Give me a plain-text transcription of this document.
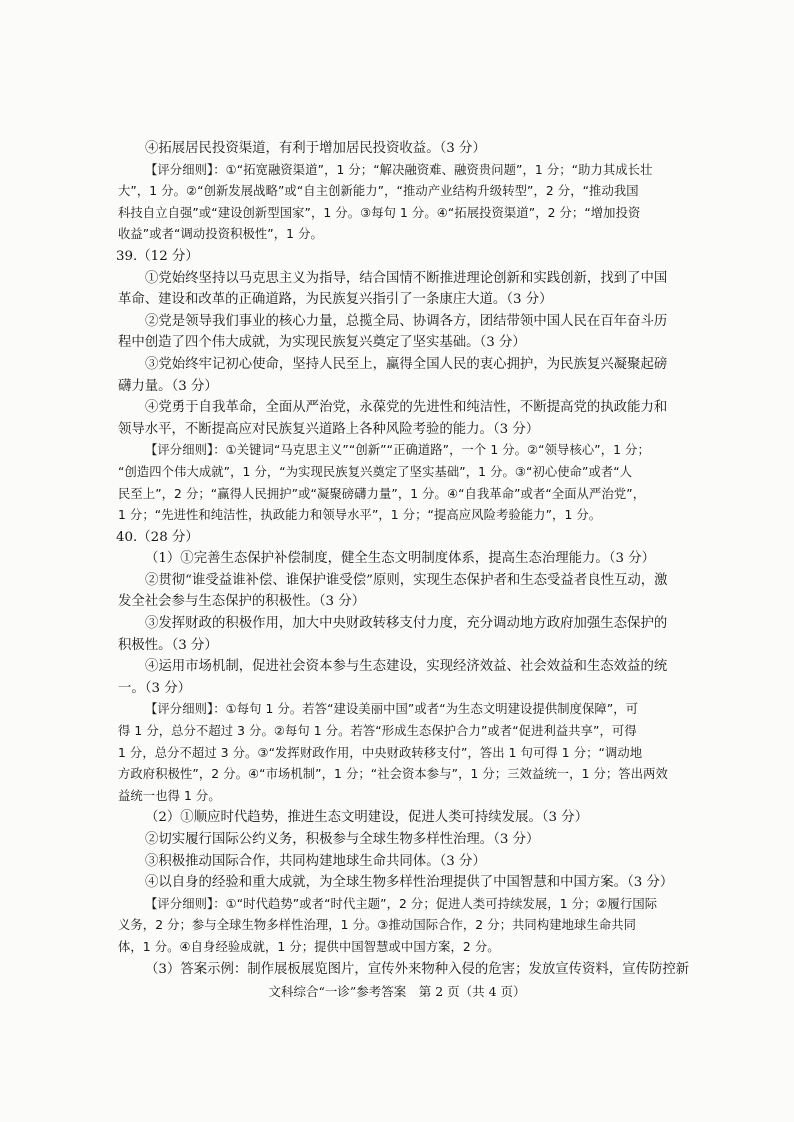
④拓展居民投资渠道，有利于增加居民投资收益。（3 分）

【评分细则】：①“拓宽融资渠道”，1 分；“解决融资难、融资贵问题”，1 分；“助力其成长壮

大”，1 分。②“创新发展战略”或“自主创新能力”，“推动产业结构升级转型”，2 分，“推动我国

科技自立自强”或“建设创新型国家”，1 分。③每句 1 分。④“拓展投资渠道”，2 分；“增加投资

收益”或者“调动投资积极性”，1 分。

39.（12 分）

①党始终坚持以马克思主义为指导，结合国情不断推进理论创新和实践创新，找到了中国

革命、建设和改革的正确道路，为民族复兴指引了一条康庄大道。（3 分）

②党是领导我们事业的核心力量，总揽全局、协调各方，团结带领中国人民在百年奋斗历

程中创造了四个伟大成就，为实现民族复兴奠定了坚实基础。（3 分）

③党始终牢记初心使命，坚持人民至上，赢得全国人民的衷心拥护，为民族复兴凝聚起磅

礴力量。（3 分）

④党勇于自我革命，全面从严治党，永葆党的先进性和纯洁性，不断提高党的执政能力和

领导水平，不断提高应对民族复兴道路上各种风险考验的能力。（3 分）

【评分细则】：①关键词“马克思主义”“创新”“正确道路”，一个 1 分。②“领导核心”，1 分；

“创造四个伟大成就”，1 分，“为实现民族复兴奠定了坚实基础”，1 分。③“初心使命”或者“人

民至上”，2 分；“赢得人民拥护”或“凝聚磅礴力量”，1 分。④“自我革命”或者“全面从严治党”，

1 分；“先进性和纯洁性，执政能力和领导水平”，1 分；“提高应风险考验能力”，1 分。

40.（28 分）

（1）①完善生态保护补偿制度，健全生态文明制度体系，提高生态治理能力。（3 分）

②贯彻“谁受益谁补偿、谁保护谁受偿”原则，实现生态保护者和生态受益者良性互动，激

发全社会参与生态保护的积极性。（3 分）

③发挥财政的积极作用，加大中央财政转移支付力度，充分调动地方政府加强生态保护的

积极性。（3 分）

④运用市场机制，促进社会资本参与生态建设，实现经济效益、社会效益和生态效益的统

一。（3 分）

【评分细则】：①每句 1 分。若答“建设美丽中国”或者“为生态文明建设提供制度保障”，可

得 1 分，总分不超过 3 分。②每句 1 分。若答“形成生态保护合力”或者“促进利益共享”，可得

1 分，总分不超过 3 分。③“发挥财政作用，中央财政转移支付”，答出 1 句可得 1 分；“调动地

方政府积极性”，2 分。④“市场机制”，1 分；“社会资本参与”，1 分；三效益统一，1 分；答出两效

益统一也得 1 分。

（2）①顺应时代趋势，推进生态文明建设，促进人类可持续发展。（3 分）

②切实履行国际公约义务，积极参与全球生物多样性治理。（3 分）

③积极推动国际合作，共同构建地球生命共同体。（3 分）

④以自身的经验和重大成就，为全球生物多样性治理提供了中国智慧和中国方案。（3 分）

【评分细则】：①“时代趋势”或者“时代主题”，2 分；促进人类可持续发展，1 分；②履行国际

义务，2 分；参与全球生物多样性治理，1 分。③推动国际合作，2 分；共同构建地球生命共同

体，1 分。④自身经验成就，1 分；提供中国智慧或中国方案，2 分。

（3）答案示例：制作展板展览图片，宣传外来物种入侵的危害；发放宣传资料，宣传防控新

文科综合“一诊”参考答案　第 2 页（共 4 页）
